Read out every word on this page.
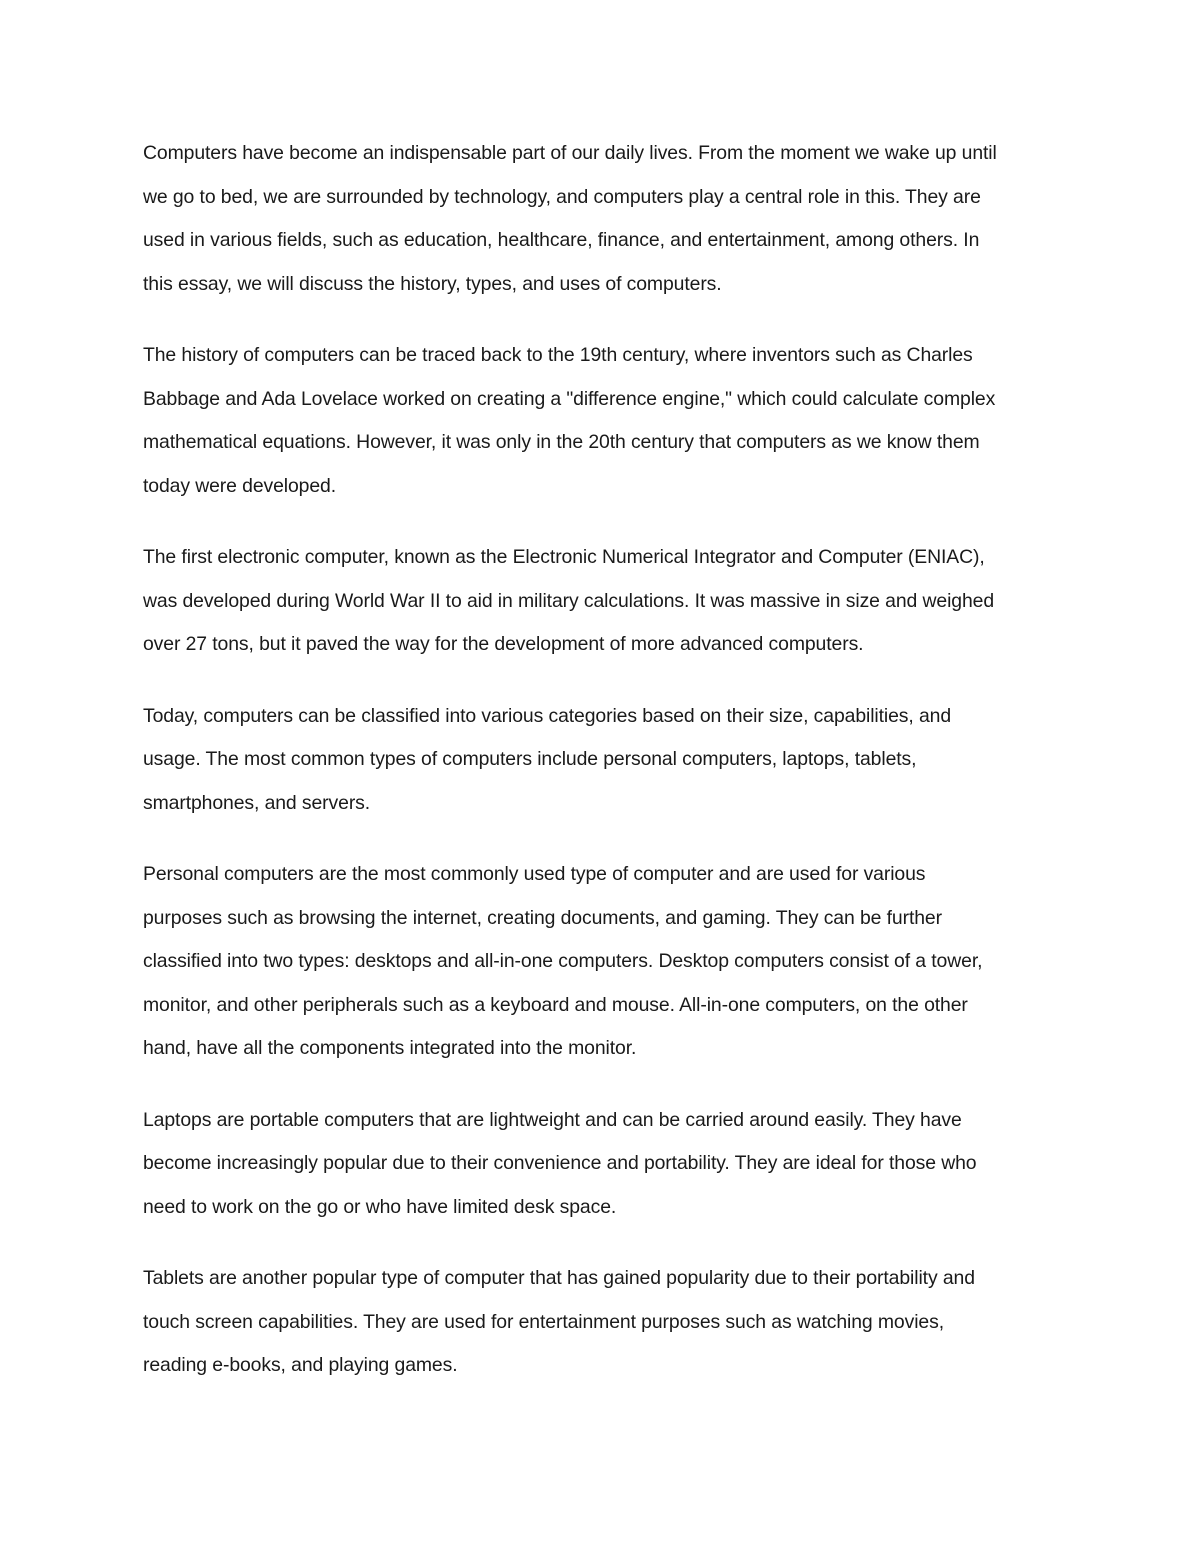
Computers have become an indispensable part of our daily lives. From the moment we wake up until
we go to bed, we are surrounded by technology, and computers play a central role in this. They are
used in various fields, such as education, healthcare, finance, and entertainment, among others. In
this essay, we will discuss the history, types, and uses of computers.

The history of computers can be traced back to the 19th century, where inventors such as Charles
Babbage and Ada Lovelace worked on creating a "difference engine," which could calculate complex
mathematical equations. However, it was only in the 20th century that computers as we know them
today were developed.

The first electronic computer, known as the Electronic Numerical Integrator and Computer (ENIAC),
was developed during World War II to aid in military calculations. It was massive in size and weighed
over 27 tons, but it paved the way for the development of more advanced computers.

Today, computers can be classified into various categories based on their size, capabilities, and
usage. The most common types of computers include personal computers, laptops, tablets,
smartphones, and servers.

Personal computers are the most commonly used type of computer and are used for various
purposes such as browsing the internet, creating documents, and gaming. They can be further
classified into two types: desktops and all-in-one computers. Desktop computers consist of a tower,
monitor, and other peripherals such as a keyboard and mouse. All-in-one computers, on the other
hand, have all the components integrated into the monitor.

Laptops are portable computers that are lightweight and can be carried around easily. They have
become increasingly popular due to their convenience and portability. They are ideal for those who
need to work on the go or who have limited desk space.

Tablets are another popular type of computer that has gained popularity due to their portability and
touch screen capabilities. They are used for entertainment purposes such as watching movies,
reading e-books, and playing games.
